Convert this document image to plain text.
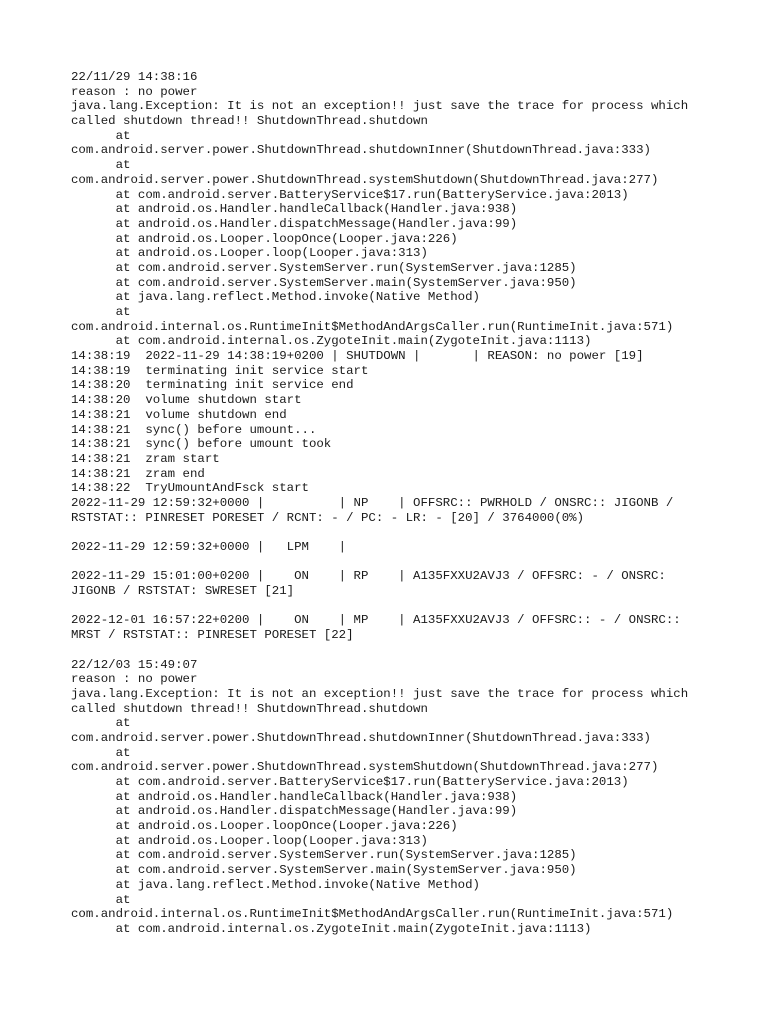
22/11/29 14:38:16
reason : no power
java.lang.Exception: It is not an exception!! just save the trace for process which
called shutdown thread!! ShutdownThread.shutdown
at
com.android.server.power.ShutdownThread.shutdownInner(ShutdownThread.java:333)
at
com.android.server.power.ShutdownThread.systemShutdown(ShutdownThread.java:277)
at com.android.server.BatteryService$17.run(BatteryService.java:2013)
at android.os.Handler.handleCallback(Handler.java:938)
at android.os.Handler.dispatchMessage(Handler.java:99)
at android.os.Looper.loopOnce(Looper.java:226)
at android.os.Looper.loop(Looper.java:313)
at com.android.server.SystemServer.run(SystemServer.java:1285)
at com.android.server.SystemServer.main(SystemServer.java:950)
at java.lang.reflect.Method.invoke(Native Method)
at
com.android.internal.os.RuntimeInit$MethodAndArgsCaller.run(RuntimeInit.java:571)
at com.android.internal.os.ZygoteInit.main(ZygoteInit.java:1113)
14:38:19  2022-11-29 14:38:19+0200 | SHUTDOWN |       | REASON: no power [19]
14:38:19  terminating init service start
14:38:20  terminating init service end
14:38:20  volume shutdown start
14:38:21  volume shutdown end
14:38:21  sync() before umount...
14:38:21  sync() before umount took
14:38:21  zram start
14:38:21  zram end
14:38:22  TryUmountAndFsck start
2022-11-29 12:59:32+0000 |          | NP    | OFFSRC:: PWRHOLD / ONSRC:: JIGONB /
RSTSTAT:: PINRESET PORESET / RCNT: - / PC: - LR: - [20] / 3764000(0%)

2022-11-29 12:59:32+0000 |   LPM    |

2022-11-29 15:01:00+0200 |    ON    | RP    | A135FXXU2AVJ3 / OFFSRC: - / ONSRC:
JIGONB / RSTSTAT: SWRESET [21]

2022-12-01 16:57:22+0200 |    ON    | MP    | A135FXXU2AVJ3 / OFFSRC:: - / ONSRC::
MRST / RSTSTAT:: PINRESET PORESET [22]

22/12/03 15:49:07
reason : no power
java.lang.Exception: It is not an exception!! just save the trace for process which
called shutdown thread!! ShutdownThread.shutdown
at
com.android.server.power.ShutdownThread.shutdownInner(ShutdownThread.java:333)
at
com.android.server.power.ShutdownThread.systemShutdown(ShutdownThread.java:277)
at com.android.server.BatteryService$17.run(BatteryService.java:2013)
at android.os.Handler.handleCallback(Handler.java:938)
at android.os.Handler.dispatchMessage(Handler.java:99)
at android.os.Looper.loopOnce(Looper.java:226)
at android.os.Looper.loop(Looper.java:313)
at com.android.server.SystemServer.run(SystemServer.java:1285)
at com.android.server.SystemServer.main(SystemServer.java:950)
at java.lang.reflect.Method.invoke(Native Method)
at
com.android.internal.os.RuntimeInit$MethodAndArgsCaller.run(RuntimeInit.java:571)
at com.android.internal.os.ZygoteInit.main(ZygoteInit.java:1113)
